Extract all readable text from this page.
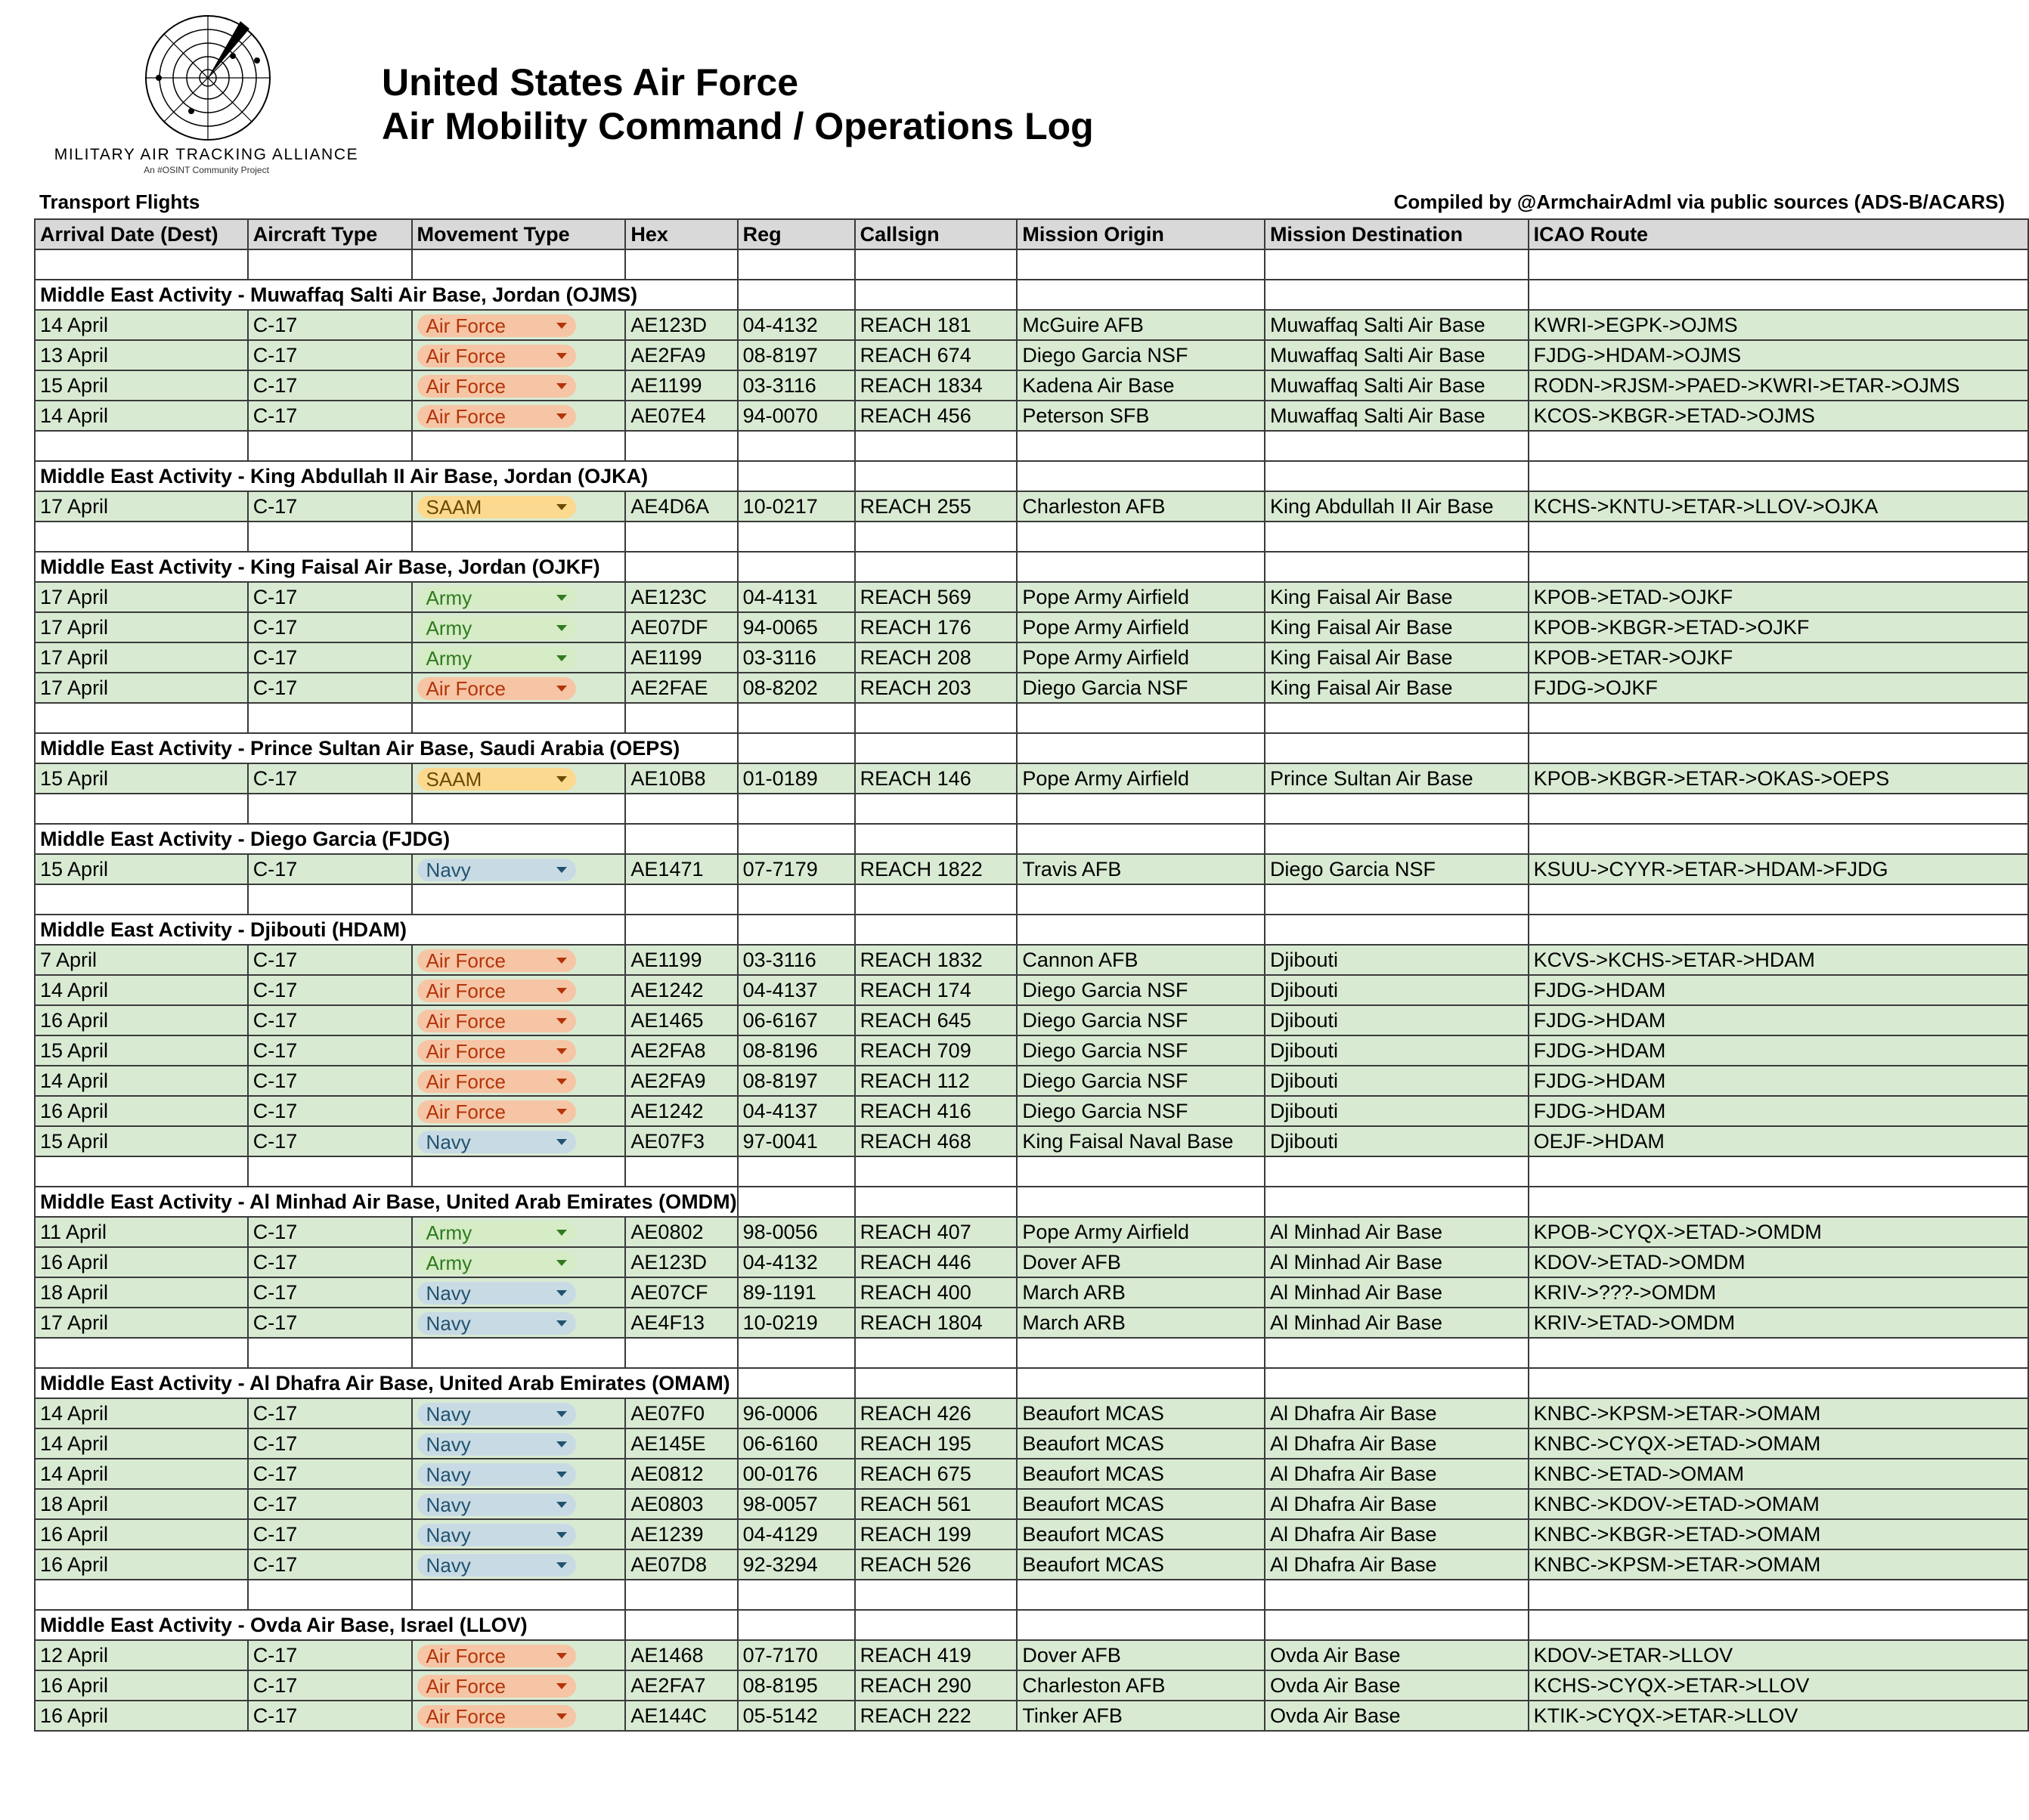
MILITARY AIR TRACKING ALLIANCE
An #OSINT Community Project
United States Air Force
Air Mobility Command / Operations Log
Transport Flights	Compiled by @ArmchairAdml via public sources (ADS-B/ACARS)
Arrival Date (Dest)	Aircraft Type	Movement Type	Hex	Reg	Callsign	Mission Origin	Mission Destination	ICAO Route

Middle East Activity - Muwaffaq Salti Air Base, Jordan (OJMS)								
14 April	C-17	Air Force	AE123D	04-4132	REACH 181	McGuire AFB	Muwaffaq Salti Air Base	KWRI->EGPK->OJMS
13 April	C-17	Air Force	AE2FA9	08-8197	REACH 674	Diego Garcia NSF	Muwaffaq Salti Air Base	FJDG->HDAM->OJMS
15 April	C-17	Air Force	AE1199	03-3116	REACH 1834	Kadena Air Base	Muwaffaq Salti Air Base	RODN->RJSM->PAED->KWRI->ETAR->OJMS
14 April	C-17	Air Force	AE07E4	94-0070	REACH 456	Peterson SFB	Muwaffaq Salti Air Base	KCOS->KBGR->ETAD->OJMS

Middle East Activity - King Abdullah II Air Base, Jordan (OJKA)								
17 April	C-17	SAAM	AE4D6A	10-0217	REACH 255	Charleston AFB	King Abdullah II Air Base	KCHS->KNTU->ETAR->LLOV->OJKA

Middle East Activity - King Faisal Air Base, Jordan (OJKF)								
17 April	C-17	Army	AE123C	04-4131	REACH 569	Pope Army Airfield	King Faisal Air Base	KPOB->ETAD->OJKF
17 April	C-17	Army	AE07DF	94-0065	REACH 176	Pope Army Airfield	King Faisal Air Base	KPOB->KBGR->ETAD->OJKF
17 April	C-17	Army	AE1199	03-3116	REACH 208	Pope Army Airfield	King Faisal Air Base	KPOB->ETAR->OJKF
17 April	C-17	Air Force	AE2FAE	08-8202	REACH 203	Diego Garcia NSF	King Faisal Air Base	FJDG->OJKF

Middle East Activity - Prince Sultan Air Base, Saudi Arabia (OEPS)								
15 April	C-17	SAAM	AE10B8	01-0189	REACH 146	Pope Army Airfield	Prince Sultan Air Base	KPOB->KBGR->ETAR->OKAS->OEPS

Middle East Activity - Diego Garcia (FJDG)								
15 April	C-17	Navy	AE1471	07-7179	REACH 1822	Travis AFB	Diego Garcia NSF	KSUU->CYYR->ETAR->HDAM->FJDG

Middle East Activity - Djibouti (HDAM)								
7 April	C-17	Air Force	AE1199	03-3116	REACH 1832	Cannon AFB	Djibouti	KCVS->KCHS->ETAR->HDAM
14 April	C-17	Air Force	AE1242	04-4137	REACH 174	Diego Garcia NSF	Djibouti	FJDG->HDAM
16 April	C-17	Air Force	AE1465	06-6167	REACH 645	Diego Garcia NSF	Djibouti	FJDG->HDAM
15 April	C-17	Air Force	AE2FA8	08-8196	REACH 709	Diego Garcia NSF	Djibouti	FJDG->HDAM
14 April	C-17	Air Force	AE2FA9	08-8197	REACH 112	Diego Garcia NSF	Djibouti	FJDG->HDAM
16 April	C-17	Air Force	AE1242	04-4137	REACH 416	Diego Garcia NSF	Djibouti	FJDG->HDAM
15 April	C-17	Navy	AE07F3	97-0041	REACH 468	King Faisal Naval Base	Djibouti	OEJF->HDAM

Middle East Activity - Al Minhad Air Base, United Arab Emirates (OMDM)								
11 April	C-17	Army	AE0802	98-0056	REACH 407	Pope Army Airfield	Al Minhad Air Base	KPOB->CYQX->ETAD->OMDM
16 April	C-17	Army	AE123D	04-4132	REACH 446	Dover AFB	Al Minhad Air Base	KDOV->ETAD->OMDM
18 April	C-17	Navy	AE07CF	89-1191	REACH 400	March ARB	Al Minhad Air Base	KRIV->???->OMDM
17 April	C-17	Navy	AE4F13	10-0219	REACH 1804	March ARB	Al Minhad Air Base	KRIV->ETAD->OMDM

Middle East Activity - Al Dhafra Air Base, United Arab Emirates (OMAM)								
14 April	C-17	Navy	AE07F0	96-0006	REACH 426	Beaufort MCAS	Al Dhafra Air Base	KNBC->KPSM->ETAR->OMAM
14 April	C-17	Navy	AE145E	06-6160	REACH 195	Beaufort MCAS	Al Dhafra Air Base	KNBC->CYQX->ETAD->OMAM
14 April	C-17	Navy	AE0812	00-0176	REACH 675	Beaufort MCAS	Al Dhafra Air Base	KNBC->ETAD->OMAM
18 April	C-17	Navy	AE0803	98-0057	REACH 561	Beaufort MCAS	Al Dhafra Air Base	KNBC->KDOV->ETAD->OMAM
16 April	C-17	Navy	AE1239	04-4129	REACH 199	Beaufort MCAS	Al Dhafra Air Base	KNBC->KBGR->ETAD->OMAM
16 April	C-17	Navy	AE07D8	92-3294	REACH 526	Beaufort MCAS	Al Dhafra Air Base	KNBC->KPSM->ETAR->OMAM

Middle East Activity - Ovda Air Base, Israel (LLOV)								
12 April	C-17	Air Force	AE1468	07-7170	REACH 419	Dover AFB	Ovda Air Base	KDOV->ETAR->LLOV
16 April	C-17	Air Force	AE2FA7	08-8195	REACH 290	Charleston AFB	Ovda Air Base	KCHS->CYQX->ETAR->LLOV
16 April	C-17	Air Force	AE144C	05-5142	REACH 222	Tinker AFB	Ovda Air Base	KTIK->CYQX->ETAR->LLOV
